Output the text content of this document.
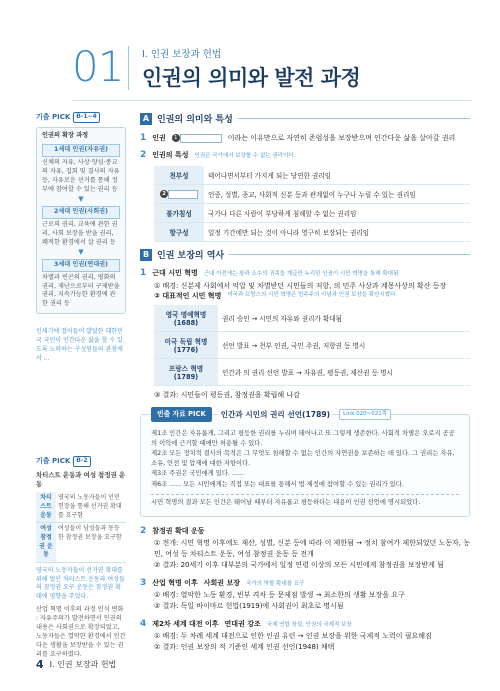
01 Ⅰ. 인권 보장과 헌법
인권의 의미와 발전 과정
기출 PICK	B-1~4
인권의 확장 과정
1세대 인권(자유권)
신체의 자유, 사상·양심·종교의 자유, 집회 및 결사의 자유 등, 자유로운 선거를 통해 정부에 참여할 수 있는 권리 등
▼
2세대 인권(사회권)
근로의 권리, 교육에 관한 권리, 사회 보장을 받을 권리, 쾌적한 환경에서 살 권리 등
▼
3세대 인권(연대권)
차별과 빈곤의 권리, 평화의 권리, 재난으로부터 구제받을 권리, 지속가능한 환경에 관한 권리 등
인세기에 접어들어 발달한 대한민국 국민이 인간다운 삶을 할 수 있도록 노력하는 구성원들의 관점에서 ...
기출 PICK	B-2
차티스트 운동과 여성 참정권 운동
차티스트 운동	영국의 노동자들이 인민헌장을 통해 선거권 확대를 요구함
여성 참정권 운동	여성들이 남성들과 동등한 참정권 보장을 요구함
영국의 노동자들이 선거권 확대를 위해 벌인 차티스트 운동과 여성들의 참정권 요구 운동은 참정권 확대에 영향을 주었다.
산업 혁명 이후의 과정 인식 변화 : 자유주의가 발전하면서 인권의 내용은 사회권으로 확장되었고, 노동자들은 열악한 환경에서 인간다운 생활을 보장받을 수 있는 권리를 요구하였다.
A 인권의 의미와 특성
1 인권	1	이라는 이유만으로 자연히 존엄성을 보장받으며 인간다운 삶을 살아갈 권리
2 인권의 특성 인권은 국가에서 보장할 수 없는 권리이다.
천부성	태어나면서부터 가지게 되는 당연한 권리임
2	인종, 성별, 종교, 사회적 신분 등과 관계없이 누구나 누릴 수 있는 권리임
불가침성	국가나 다른 사람이 부당하게 침해할 수 없는 권리임
항구성	일정 기간에만 되는 것이 아니라 영구히 보장되는 권리임
B 인권 보장의 역사
1 근대 시민 혁명 근대 이전에는 왕과 소수의 귀족들 계급만 누리던 인권이 시민 혁명을 통해 확대됨
① 배경: 신분제 사회에서 억압 및 차별받던 시민들의 저항, 의 민주 사상과 계몽사상의 확산 등장
② 대표적인 시민 혁명 미국과 프랑스의 시민 혁명은 민주주의 이념과 인권 보장을 확산시켰다.
영국 명예혁명(1688)	권리 승인 → 시민의 자유와 권리가 확대됨
미국 독립 혁명(1776)	선언 발표 → 천부 인권, 국민 주권, 저항권 등 명시
프랑스 혁명(1789)	인간과 의 권리 선언 발표 → 자유권, 평등권, 재산권 등 명시
③ 결과: 시민들이 평등권, 참정권을 확립해 나감
빈출 자료 PICK	인간과 시민의 권리 선언(1789)	Link 020~021쪽
제1조 인간은 자유롭게, 그리고 평등한 권리를 누리며 태어나고 또 그렇게 생존한다. 사회적 차별은 오로지 공공의 이익에 근거할 때에만 허용될 수 있다.
제2조 모든 정치적 결사의 목적은 그 무엇도 침해할 수 없는 인간의 자연권을 보존하는 데 있다. 그 권리는 자유, 소유, 안전 및 압제에 대한 저항이다.
제3조 주권은 국민에게 있다. ......
제6조 ...... 모든 시민에게는 직접 또는 대표를 통해서 법 제정에 참여할 수 있는 권리가 있다.
시민 혁명의 결과 모든 인간은 태어날 때부터 자유롭고 평등하다는 내용이 인권 선언에 명시되었다.
2 참정권 확대 운동
① 전개: 시민 혁명 이후에도 재산, 성별, 신분 등에 따라 이 제한됨 → 정치 참여가 제한되었던 노동자, 농민, 여성 등 차티스트 운동, 여성 참정권 운동 등 전개
② 결과: 20세기 이후 대부분의 국가에서 일정 연령 이상의 모든 시민에게 참정권을 보장받게 됨
3 산업 혁명 이후 사회권 보장 국가의 역할 확대를 요구
① 배경: 열악한 노동 환경, 빈부 격차 등 문제점 발생 → 최소한의 생활 보장을 요구
② 결과: 독일 바이마르 헌법(1919)에 사회권이 최초로 명시됨
4 제2차 세계 대전 이후 연대권 강조 국제 연합 창설, 인권의 국제적 보장
① 배경: 두 차례 세계 대전으로 인한 인권 유린 → 인권 보장을 위한 국제적 노력이 필요해짐
② 결과: 인권 보장의 적 기준인 세계 인권 선언(1948) 채택
4 Ⅰ. 인권 보장과 헌법
